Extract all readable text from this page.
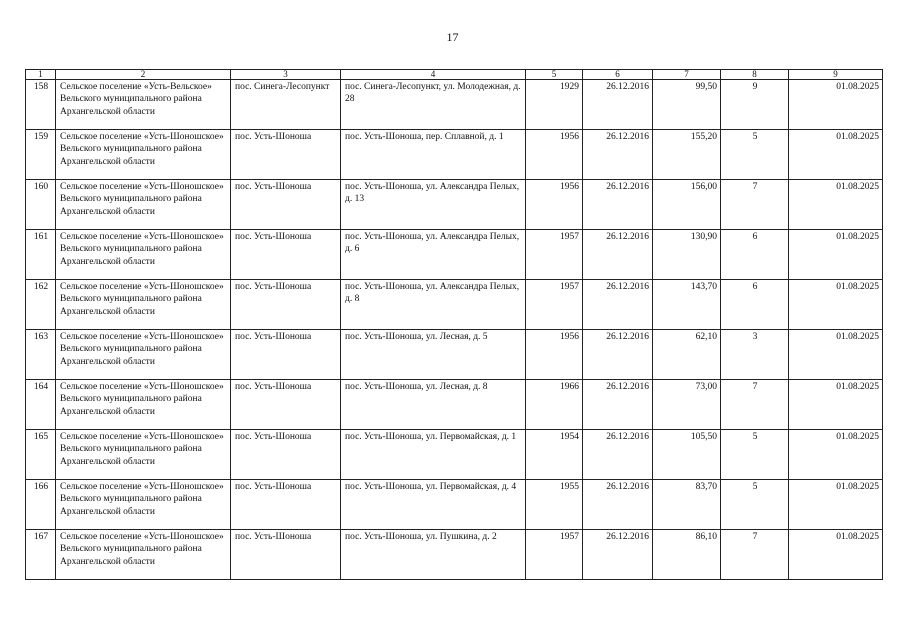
17
1	2	3	4	5	6	7	8	9
158	Сельское поселение «Усть-Вельское» Вельского муниципального района Архангельской области	пос. Синега-Лесопункт	пос. Синега-Лесопункт, ул. Молодежная, д. 28	1929	26.12.2016	99,50	9	01.08.2025
159	Сельское поселение «Усть-Шоношское» Вельского муниципального района Архангельской области	пос. Усть-Шоноша	пос. Усть-Шоноша, пер. Сплавной, д. 1	1956	26.12.2016	155,20	5	01.08.2025
160	Сельское поселение «Усть-Шоношское» Вельского муниципального района Архангельской области	пос. Усть-Шоноша	пос. Усть-Шоноша, ул. Александра Пелых, д. 13	1956	26.12.2016	156,00	7	01.08.2025
161	Сельское поселение «Усть-Шоношское» Вельского муниципального района Архангельской области	пос. Усть-Шоноша	пос. Усть-Шоноша, ул. Александра Пелых, д. 6	1957	26.12.2016	130,90	6	01.08.2025
162	Сельское поселение «Усть-Шоношское» Вельского муниципального района Архангельской области	пос. Усть-Шоноша	пос. Усть-Шоноша, ул. Александра Пелых, д. 8	1957	26.12.2016	143,70	6	01.08.2025
163	Сельское поселение «Усть-Шоношское» Вельского муниципального района Архангельской области	пос. Усть-Шоноша	пос. Усть-Шоноша, ул. Лесная, д. 5	1956	26.12.2016	62,10	3	01.08.2025
164	Сельское поселение «Усть-Шоношское» Вельского муниципального района Архангельской области	пос. Усть-Шоноша	пос. Усть-Шоноша, ул. Лесная, д. 8	1966	26.12.2016	73,00	7	01.08.2025
165	Сельское поселение «Усть-Шоношское» Вельского муниципального района Архангельской области	пос. Усть-Шоноша	пос. Усть-Шоноша, ул. Первомайская, д. 1	1954	26.12.2016	105,50	5	01.08.2025
166	Сельское поселение «Усть-Шоношское» Вельского муниципального района Архангельской области	пос. Усть-Шоноша	пос. Усть-Шоноша, ул. Первомайская, д. 4	1955	26.12.2016	83,70	5	01.08.2025
167	Сельское поселение «Усть-Шоношское» Вельского муниципального района Архангельской области	пос. Усть-Шоноша	пос. Усть-Шоноша, ул. Пушкина, д. 2	1957	26.12.2016	86,10	7	01.08.2025
